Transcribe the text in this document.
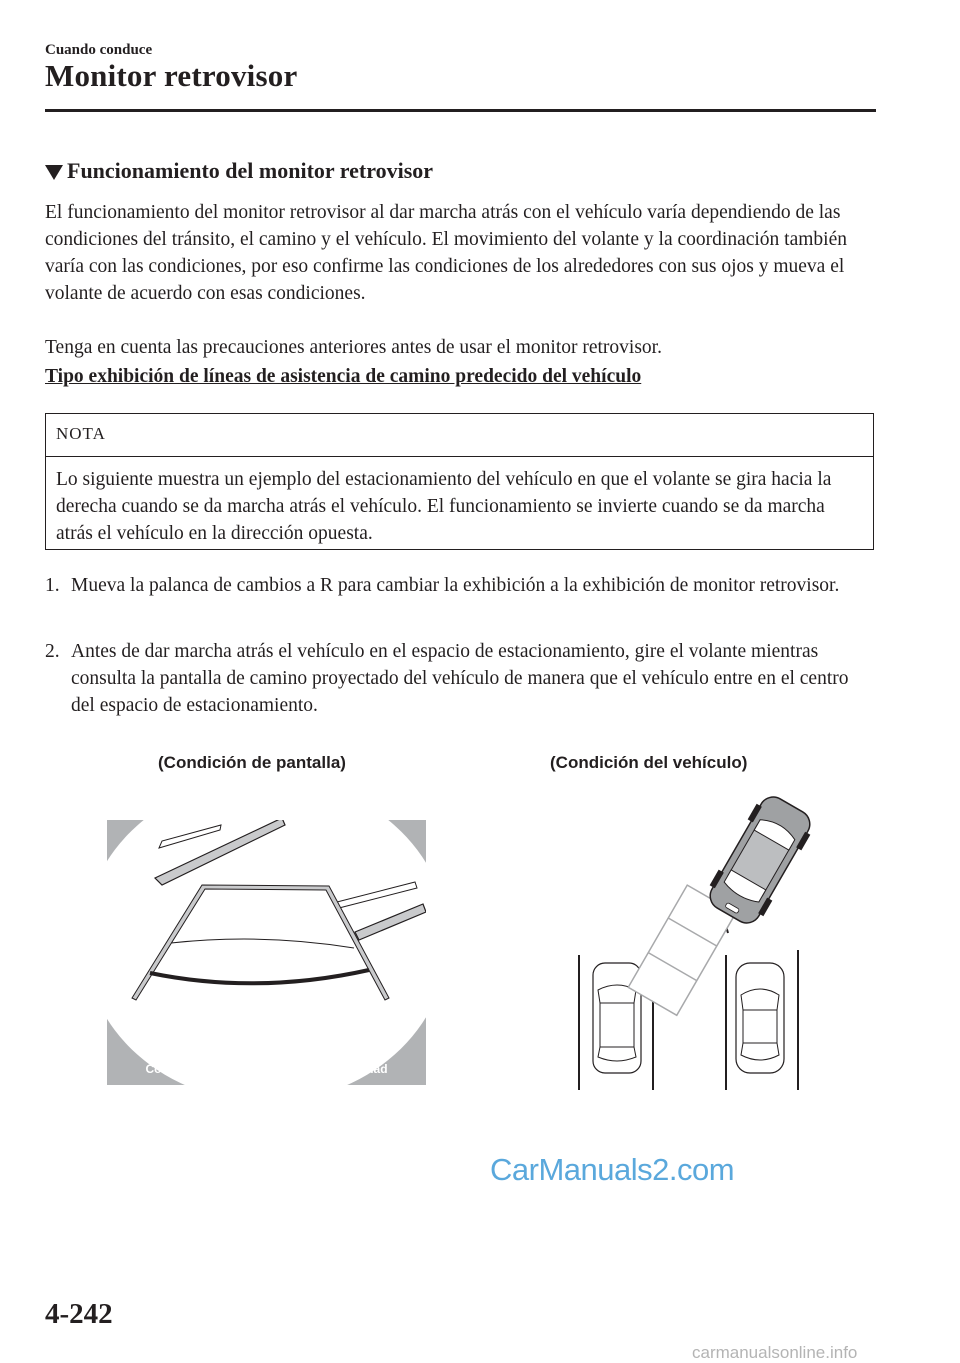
Cuando conduce
Monitor retrovisor
Funcionamiento del monitor retrovisor
El funcionamiento del monitor retrovisor al dar marcha atrás con el vehículo varía dependiendo de las condiciones del tránsito, el camino y el vehículo. El movimiento del volante y la coordinación también varía con las condiciones, por eso confirme las condiciones de los alrededores con sus ojos y mueva el volante de acuerdo con esas condiciones.
Tenga en cuenta las precauciones anteriores antes de usar el monitor retrovisor.
Tipo exhibición de líneas de asistencia de camino predecido del vehículo
NOTA
Lo siguiente muestra un ejemplo del estacionamiento del vehículo en que el volante se gira hacia la derecha cuando se da marcha atrás el vehículo. El funcionamiento se invierte cuando se da marcha atrás el vehículo en la dirección opuesta.
1. Mueva la palanca de cambios a R para cambiar la exhibición a la exhibición de monitor retrovisor.
2. Antes de dar marcha atrás el vehículo en el espacio de estacionamiento, gire el volante mientras consulta la pantalla de camino proyectado del vehículo de manera que el vehículo entre en el centro del espacio de estacionamiento.
(Condición de pantalla)	(Condición del vehículo)
Compruebe los alrededores por seguridad
CarManuals2.com
4-242
carmanualsonline.info
